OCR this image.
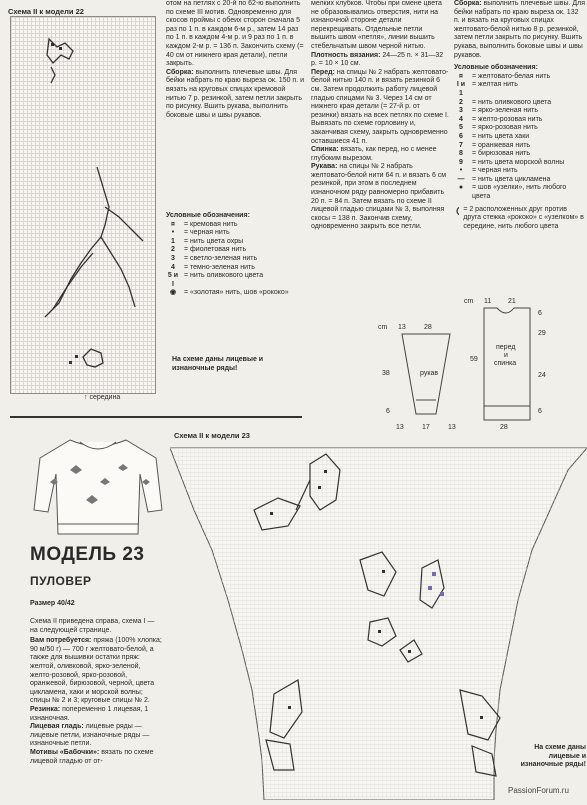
Схема II к модели 22
↑ середина
Условные обозначения:
¤	= кремовая нить
•	= черная нить
1	= нить цвета охры
2	= фиолетовая нить
3	= светло-зеленая нить
4	= темно-зеленая нить
5 и I
= нить оливкового цвета
◉	= «золотая» нить, шов «рококо»
На схеме даны лицевые и изнаночные ряды!

отом на петлях с 20-й по 62-ю выполнить по схеме III мотив. Одновременно для скосов проймы с обеих сторон сначала 5 раз по 1 п. в каждом 6-м р., затем 14 раз по 1 п. в каждом 4-м р. и 9 раз по 1 п. в каждом 2-м р. = 136 п. Закончить схему (= 40 см от нижнего края детали), петли закрыть.

Сборка: выполнить плечевые швы. Для бейки набрать по краю выреза ок. 150 п. и вязать на круговых спицах кремовой нитью 7 р. резинкой, затем петли закрыть по рисунку. Вшить рукава, выполнить боковые швы и швы рукавов.

мелких клубков. Чтобы при смене цвета не образовывались отверстия, нити на изнаночной стороне детали перекрещивать. Отдельные петли вышить швом «петля», линии вышить стебельчатым швом черной нитью.

Плотность вязания: 24—25 п. × 31—32 р. = 10 × 10 см.

Перед: на спицы № 2 набрать желтовато-белой нитью 140 п. и вязать резинкой 6 см. Затем продолжить работу лицевой гладью спицами № 3. Через 14 см от нижнего края детали (= 27-й р. от резинки) вязать на всех петлях по схеме I. Вывязать по схеме горловину и, заканчивая схему, закрыть одновременно оставшиеся 41 п.

Спинка: вязать, как перед, но с менее глубоким вырезом.

Рукава: на спицы № 2 набрать желтовато-белой нити 64 п. и вязать 6 см резинкой, при этом в последнем изнаночном ряду равномерно прибавить 20 п. = 84 п. Затем вязать по схеме II лицевой гладью спицами № 3, выполняя скосы = 138 п. Закончив схему, одновременно закрыть все петли.

Сборка: выполнить плечевые швы. Для бейки набрать по краю выреза ок. 132 п. и вязать на круговых спицах желтовато-белой нитью 8 р. резинкой, затем петли закрыть по рисунку. Вшить рукава, выполнить боковые швы и швы рукавов.

Условные обозначения:

¤	= желтовато-белая нить
I и 1
= желтая нить
2	= нить оливкового цвета
3	= ярко-зеленая нить
4	= желто-розовая нить
5	= ярко-розовая нить
6	= нить цвета хаки
7	= оранжевая нить
8	= бирюзовая нить
9	= нить цвета морской волны
•	= черная нить
—	= нить цвета цикламена
●	= шов «узелки», нить любого цвета
= 2 расположенных друг против друга стежка «рококо» с «узелком» в середине, нить любого цвета
cm 13	28
рукав
38
6
13	17	13
cm 11 21
перед
и
спинка
59
6
29
24
6
28
МОДЕЛЬ 23
ПУЛОВЕР
Размер 40/42

Схема II приведена справа, схема I — на следующей странице.

Вам потребуется: пряжа (100% хлопка; 90 м/50 г) — 700 г желтовато-белой, а также для вышивки остатки пряж: желтой, оливковой, ярко-зеленой, желто-розовой, ярко-розовой, оранжевой, бирюзовой, черной, цвета цикламена, хаки и морской волны; спицы № 2 и 3; круговые спицы № 2.

Резинка: попеременно 1 лицевая, 1 изнаночная.

Лицевая гладь: лицевые ряды — лицевые петли, изнаночные ряды — изнаночные петли.

Мотивы «Бабочки»: вязать по схеме лицевой гладью от от-

Схема II к модели 23
На схеме даны лицевые и изнаночные ряды!
PassionForum.ru
